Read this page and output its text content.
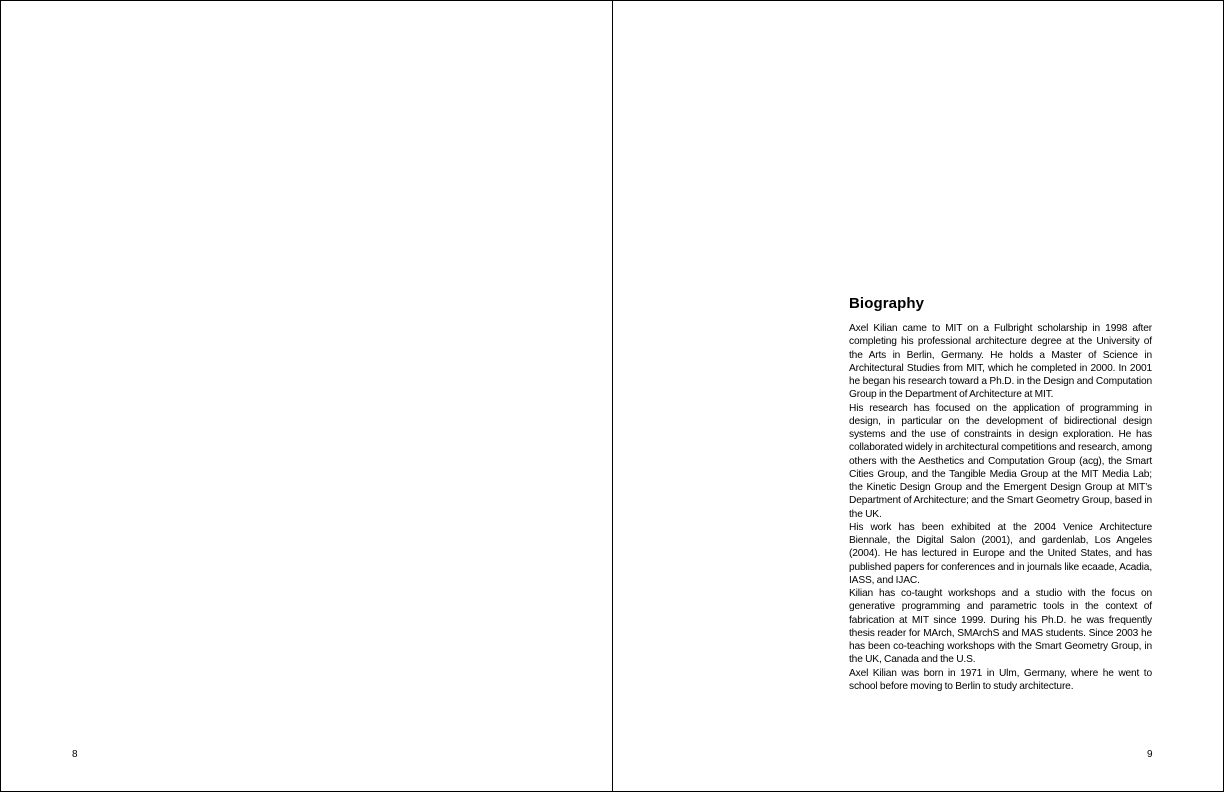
8
Biography

Axel Kilian came to MIT on a Fulbright scholarship in 1998 after completing his professional architecture degree at the University of the Arts in Berlin, Germany. He holds a Master of Science in Architectural Studies from MIT, which he completed in 2000. In 2001 he began his research toward a Ph.D. in the Design and Computation Group in the Department of Architecture at MIT.

His research has focused on the application of programming in design, in particular on the development of bidirectional design systems and the use of constraints in design exploration. He has collaborated widely in architectural competitions and research, among others with the Aesthetics and Computation Group (acg), the Smart Cities Group, and the Tangible Media Group at the MIT Media Lab; the Kinetic Design Group and the Emergent Design Group at MIT’s Department of Architecture; and the Smart Geometry Group, based in the UK.

His work has been exhibited at the 2004 Venice Architecture Biennale, the Digital Salon (2001), and gardenlab, Los Angeles (2004). He has lectured in Europe and the United States, and has published papers for conferences and in journals like ecaade, Acadia, IASS, and IJAC.

Kilian has co-taught workshops and a studio with the focus on generative programming and parametric tools in the context of fabrication at MIT since 1999. During his Ph.D. he was frequently thesis reader for MArch, SMArchS and MAS students. Since 2003 he has been co-teaching workshops with the Smart Geometry Group, in the UK, Canada and the U.S.

Axel Kilian was born in 1971 in Ulm, Germany, where he went to school before moving to Berlin to study architecture.

9
